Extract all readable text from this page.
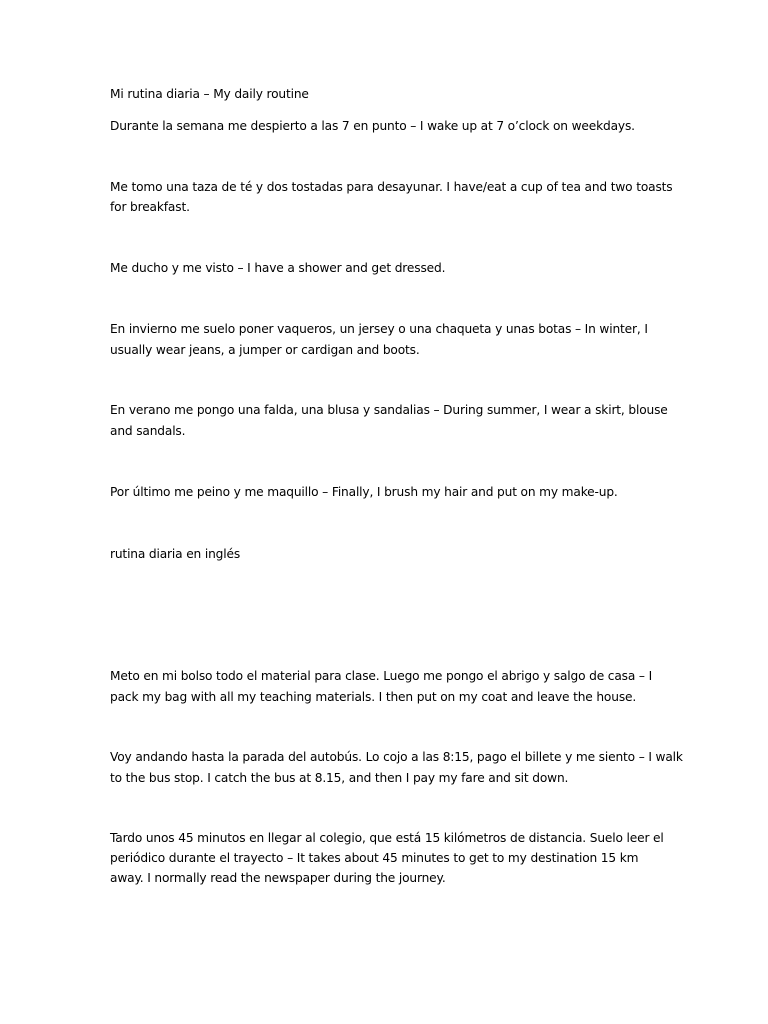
Mi rutina diaria – My daily routine

Durante la semana me despierto a las 7 en punto – I wake up at 7 o’clock on weekdays.

Me tomo una taza de té y dos tostadas para desayunar. I have/eat a cup of tea and two toasts

for breakfast.

Me ducho y me visto – I have a shower and get dressed.

En invierno me suelo poner vaqueros, un jersey o una chaqueta y unas botas – In winter, I

usually wear jeans, a jumper or cardigan and boots.

En verano me pongo una falda, una blusa y sandalias – During summer, I wear a skirt, blouse

and sandals.

Por último me peino y me maquillo – Finally, I brush my hair and put on my make-up.

rutina diaria en inglés

Meto en mi bolso todo el material para clase. Luego me pongo el abrigo y salgo de casa – I

pack my bag with all my teaching materials. I then put on my coat and leave the house.

Voy andando hasta la parada del autobús. Lo cojo a las 8:15, pago el billete y me siento – I walk

to the bus stop. I catch the bus at 8.15, and then I pay my fare and sit down.

Tardo unos 45 minutos en llegar al colegio, que está 15 kilómetros de distancia. Suelo leer el

periódico durante el trayecto – It takes about 45 minutes to get to my destination 15 km

away. I normally read the newspaper during the journey.
